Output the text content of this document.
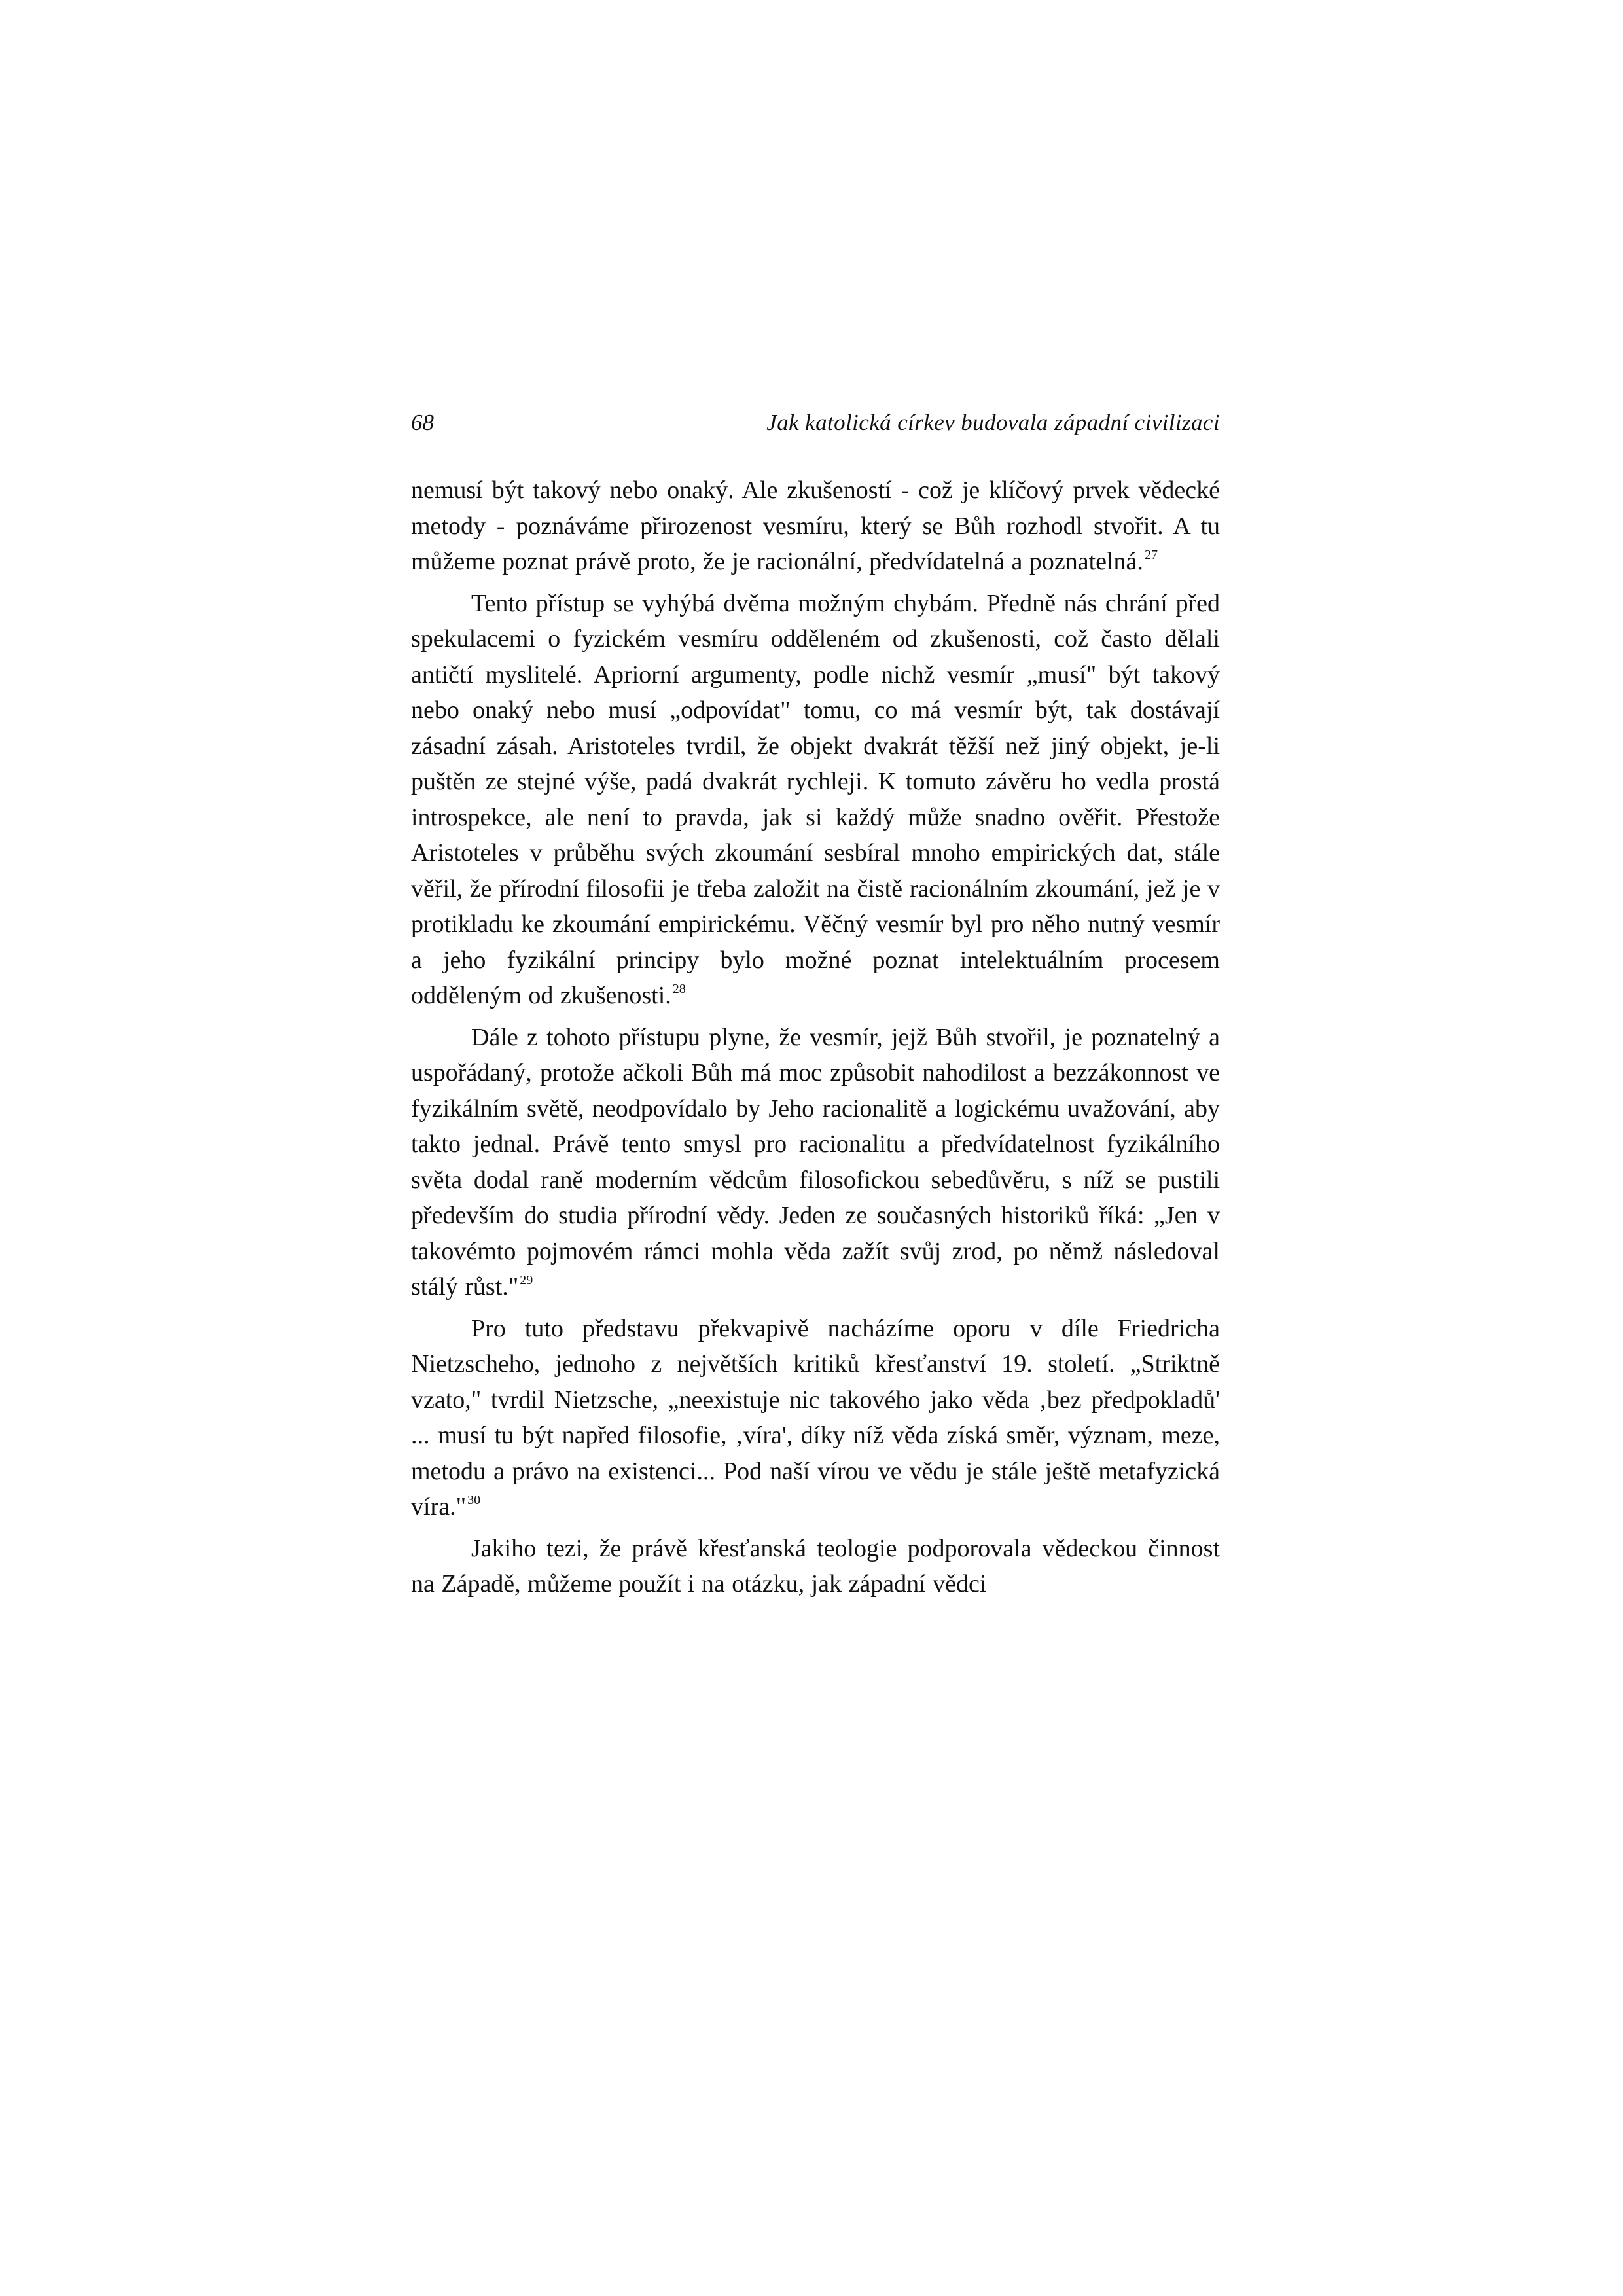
68	Jak katolická církev budovala západní civilizaci

nemusí být takový nebo onaký. Ale zkušeností - což je klíčový prvek vědecké metody - poznáváme přirozenost vesmíru, který se Bůh rozhodl stvořit. A tu můžeme poznat právě proto, že je racionální, předvídatelná a poznatelná. $^{27}$

Tento přístup se vyhýbá dvěma možným chybám. Předně nás chrání před spekulacemi o fyzickém vesmíru odděleném od zkušenosti, což často dělali antičtí myslitelé. Apriorní argumenty, podle nichž vesmír „musí" být takový nebo onaký nebo musí „odpovídat" tomu, co má vesmír být, tak dostávají zásadní zásah. Aristoteles tvrdil, že objekt dvakrát těžší než jiný objekt, je-li puštěn ze stejné výše, padá dvakrát rychleji. K tomuto závěru ho vedla prostá introspekce, ale není to pravda, jak si každý může snadno ověřit. Přestože Aristoteles v průběhu svých zkoumání sesbíral mnoho empirických dat, stále věřil, že přírodní filosofii je třeba založit na čistě racionálním zkoumání, jež je v protikladu ke zkoumání empirickému. Věčný vesmír byl pro něho nutný vesmír a jeho fyzikální principy bylo možné poznat intelektuálním procesem odděleným od zkušenosti. $^{28}$

Dále z tohoto přístupu plyne, že vesmír, jejž Bůh stvořil, je poznatelný a uspořádaný, protože ačkoli Bůh má moc způsobit nahodilost a bezzákonnost ve fyzikálním světě, neodpovídalo by Jeho racionalitě a logickému uvažování, aby takto jednal. Právě tento smysl pro racionalitu a předvídatelnost fyzikálního světa dodal raně moderním vědcům filosofickou sebedůvěru, s níž se pustili především do studia přírodní vědy. Jeden ze současných historiků říká: „Jen v takovémto pojmovém rámci mohla věda zažít svůj zrod, po němž následoval stálý růst." $^{29}$

Pro tuto představu překvapivě nacházíme oporu v díle Friedricha Nietzscheho, jednoho z největších kritiků křesťanství 19. století. „Striktně vzato," tvrdil Nietzsche, „neexistuje nic takového jako věda ‚bez předpokladů' ... musí tu být napřed filosofie, ‚víra', díky níž věda získá směr, význam, meze, metodu a právo na existenci... Pod naší vírou ve vědu je stále ještě metafyzická víra." $^{30}$

Jakiho tezi, že právě křesťanská teologie podporovala vědeckou činnost na Západě, můžeme použít i na otázku, jak západní vědci
